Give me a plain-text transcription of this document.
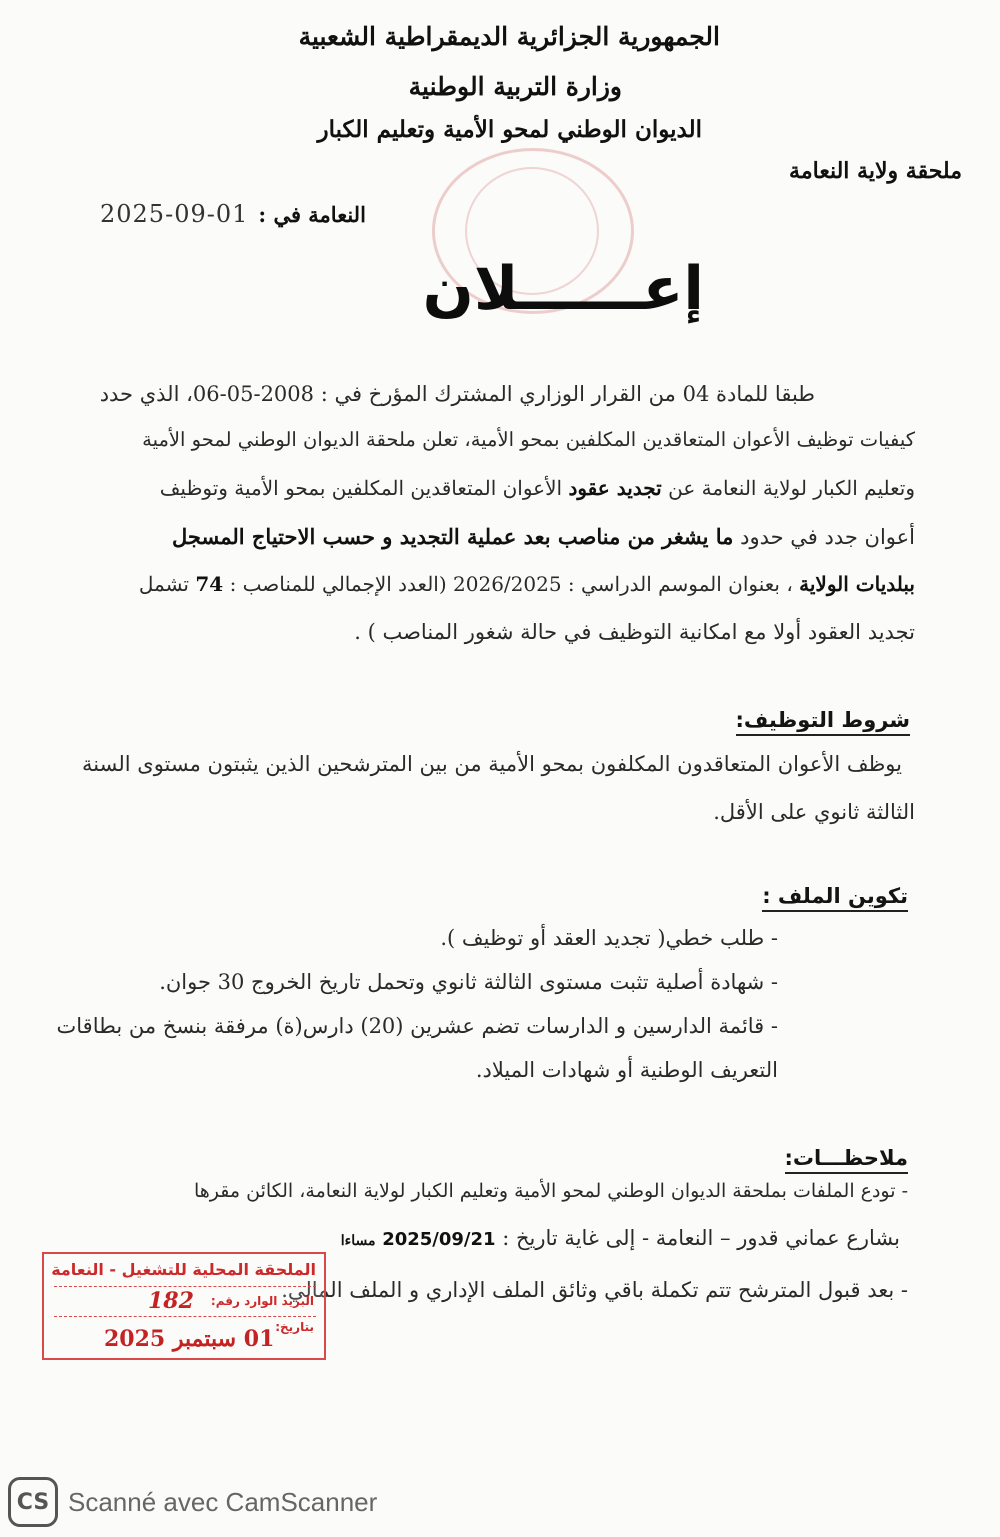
الجمهورية الجزائرية الديمقراطية الشعبية
وزارة التربية الوطنية
الديوان الوطني لمحو الأمية وتعليم الكبار
ملحقة ولاية النعامة
2025-09-01 النعامة في :
إعــــــلان
طبقا للمادة 04 من القرار الوزاري المشترك المؤرخ في : 2008-05-06، الذي حدد
كيفيات توظيف الأعوان المتعاقدين المكلفين بمحو الأمية، تعلن ملحقة الديوان الوطني لمحو الأمية
وتعليم الكبار لولاية النعامة عن تجديد عقود الأعوان المتعاقدين المكلفين بمحو الأمية وتوظيف
أعوان جدد في حدود ما يشغر من مناصب بعد عملية التجديد و حسب الاحتياج المسجل
ببلديات الولاية ، بعنوان الموسم الدراسي : 2026/2025 (العدد الإجمالي للمناصب : 74 تشمل
تجديد العقود أولا مع امكانية التوظيف في حالة شغور المناصب ) .
شروط التوظيف:
يوظف الأعوان المتعاقدون المكلفون بمحو الأمية من بين المترشحين الذين يثبتون مستوى السنة
الثالثة ثانوي على الأقل.
تكوين الملف :
- طلب خطي( تجديد العقد أو توظيف ).
- شهادة أصلية تثبت مستوى الثالثة ثانوي وتحمل تاريخ الخروج 30 جوان.
- قائمة الدارسين و الدارسات تضم عشرين (20) دارس(ة) مرفقة بنسخ من بطاقات
التعريف الوطنية أو شهادات الميلاد.
ملاحظـــات:
- تودع الملفات بملحقة الديوان الوطني لمحو الأمية وتعليم الكبار لولاية النعامة، الكائن مقرها
بشارع عماني قدور – النعامة - إلى غاية تاريخ : 2025/09/21 مساءا
- بعد قبول المترشح تتم تكملة باقي وثائق الملف الإداري و الملف المالي.
الملحقة المحلية للتشغيل - النعامة
البريد الوارد رقم:
182
بتاريخ:
01 سبتمبر 2025
CS Scanné avec CamScanner
